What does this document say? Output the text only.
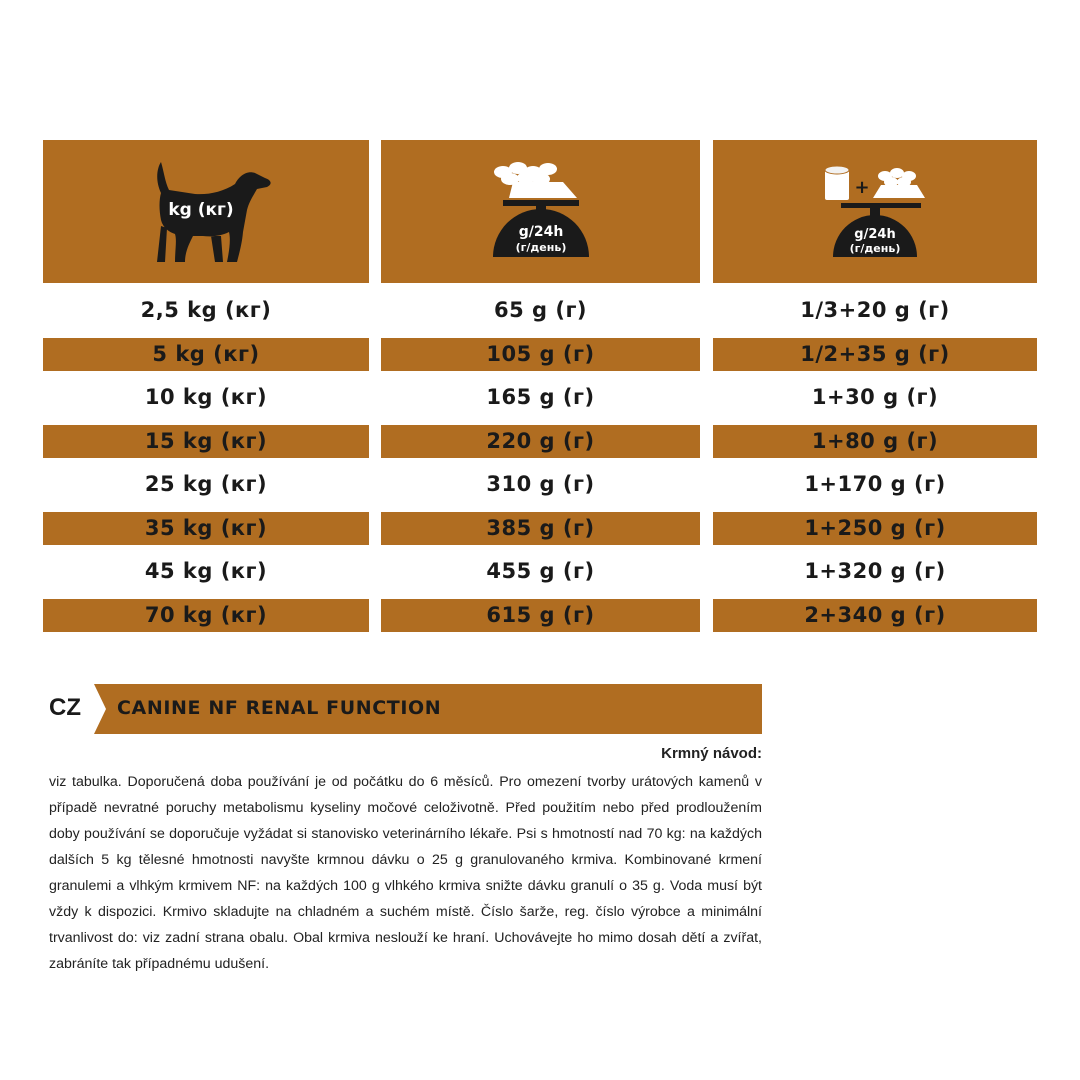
kg (кг)
g/24h
(г/день)
+
g/24h
(г/день)
2,5 kg (кг)	65 g (г)	1/3+20 g (г)
5 kg (кг)	105 g (г)	1/2+35 g (г)
10 kg (кг)	165 g (г)	1+30 g (г)
15 kg (кг)	220 g (г)	1+80 g (г)
25 kg (кг)	310 g (г)	1+170 g (г)
35 kg (кг)	385 g (г)	1+250 g (г)
45 kg (кг)	455 g (г)	1+320 g (г)
70 kg (кг)	615 g (г)	2+340 g (г)
CZ CANINE NF RENAL FUNCTION
Krmný návod:
viz tabulka. Doporučená doba používání je od počátku do 6 měsíců. Pro omezení tvorby urátových kamenů v případě nevratné poruchy metabolismu kyseliny močové celoživotně. Před použitím nebo před prodloužením doby používání se doporučuje vyžádat si stanovisko veterinárního lékaře. Psi s hmotností nad 70 kg: na každých dalších 5 kg tělesné hmotnosti navyšte krmnou dávku o 25 g granulovaného krmiva. Kombinované krmení granulemi a vlhkým krmivem NF: na každých 100 g vlhkého krmiva snižte dávku granulí o 35 g. Voda musí být vždy k dispozici. Krmivo skladujte na chladném a suchém místě. Číslo šarže, reg. číslo výrobce a minimální trvanlivost do: viz zadní strana obalu. Obal krmiva neslouží ke hraní. Uchovávejte ho mimo dosah dětí a zvířat, zabráníte tak případnému udušení.
